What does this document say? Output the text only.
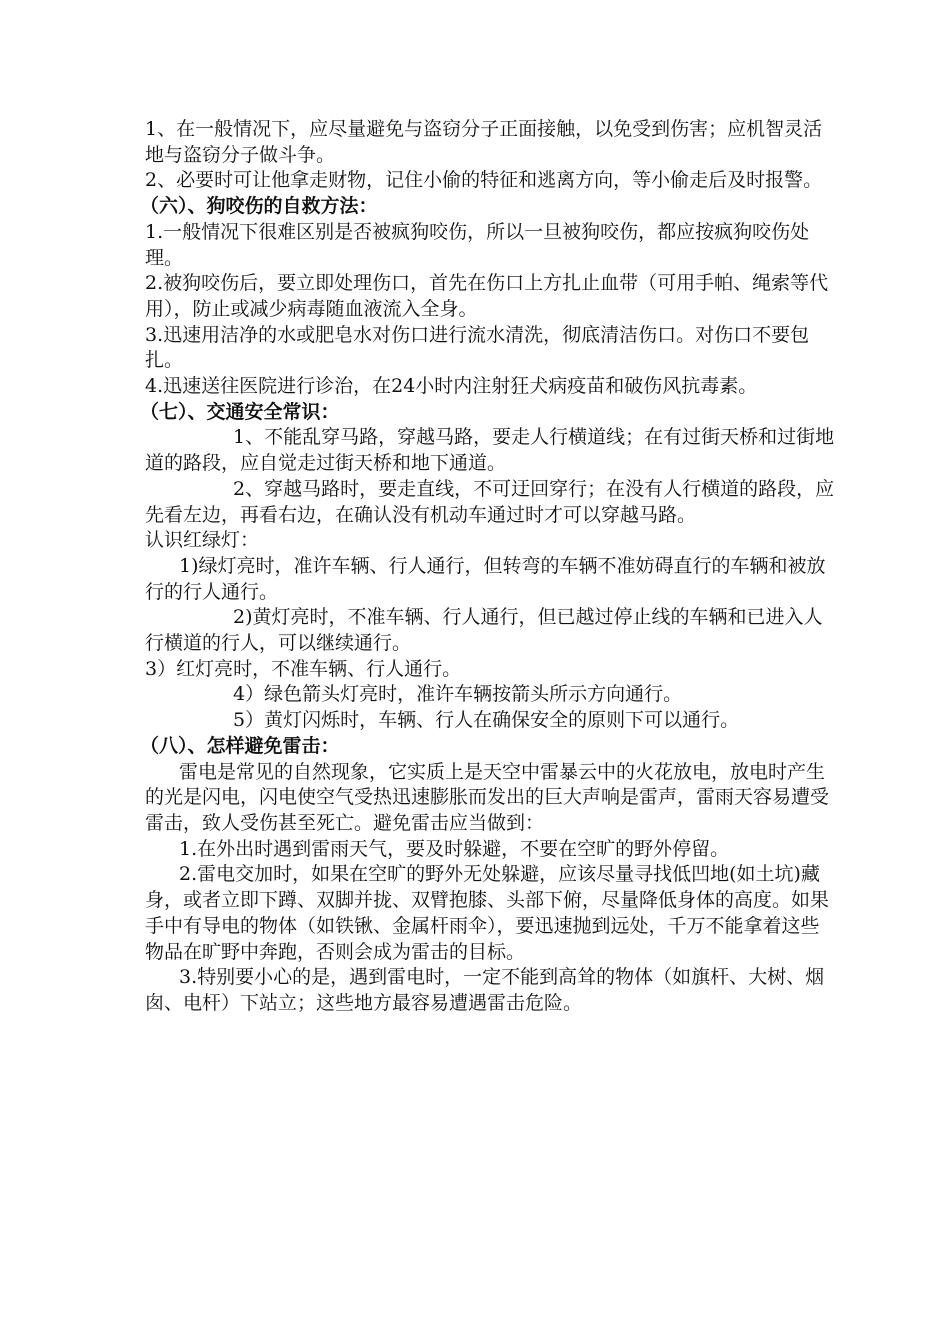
1、在一般情况下，应尽量避免与盗窃分子正面接触，以免受到伤害；应机智灵活地与盗窃分子做斗争。

2、必要时可让他拿走财物，记住小偷的特征和逃离方向，等小偷走后及时报警。

（六）、狗咬伤的自救方法：

1.一般情况下很难区别是否被疯狗咬伤，所以一旦被狗咬伤，都应按疯狗咬伤处理。

2.被狗咬伤后，要立即处理伤口，首先在伤口上方扎止血带（可用手帕、绳索等代用），防止或减少病毒随血液流入全身。

3.迅速用洁净的水或肥皂水对伤口进行流水清洗，彻底清洁伤口。对伤口不要包扎。

4.迅速送往医院进行诊治，在24小时内注射狂犬病疫苗和破伤风抗毒素。

（七）、交通安全常识：

1、不能乱穿马路，穿越马路，要走人行横道线；在有过街天桥和过街地道的路段，应自觉走过街天桥和地下通道。

2、穿越马路时，要走直线，不可迂回穿行；在没有人行横道的路段，应先看左边，再看右边，在确认没有机动车通过时才可以穿越马路。

认识红绿灯：

1)绿灯亮时，准许车辆、行人通行，但转弯的车辆不准妨碍直行的车辆和被放行的行人通行。

2)黄灯亮时，不准车辆、行人通行，但已越过停止线的车辆和已进入人行横道的行人，可以继续通行。

3）红灯亮时，不准车辆、行人通行。

4）绿色箭头灯亮时，准许车辆按箭头所示方向通行。

5）黄灯闪烁时，车辆、行人在确保安全的原则下可以通行。

（八）、怎样避免雷击：

雷电是常见的自然现象，它实质上是天空中雷暴云中的火花放电，放电时产生的光是闪电，闪电使空气受热迅速膨胀而发出的巨大声响是雷声，雷雨天容易遭受雷击，致人受伤甚至死亡。避免雷击应当做到：

1.在外出时遇到雷雨天气，要及时躲避，不要在空旷的野外停留。

2.雷电交加时，如果在空旷的野外无处躲避，应该尽量寻找低凹地(如土坑)藏身，或者立即下蹲、双脚并拢、双臂抱膝、头部下俯，尽量降低身体的高度。如果手中有导电的物体（如铁锹、金属杆雨伞），要迅速抛到远处，千万不能拿着这些物品在旷野中奔跑，否则会成为雷击的目标。

3.特别要小心的是，遇到雷电时，一定不能到高耸的物体（如旗杆、大树、烟囱、电杆）下站立；这些地方最容易遭遇雷击危险。
